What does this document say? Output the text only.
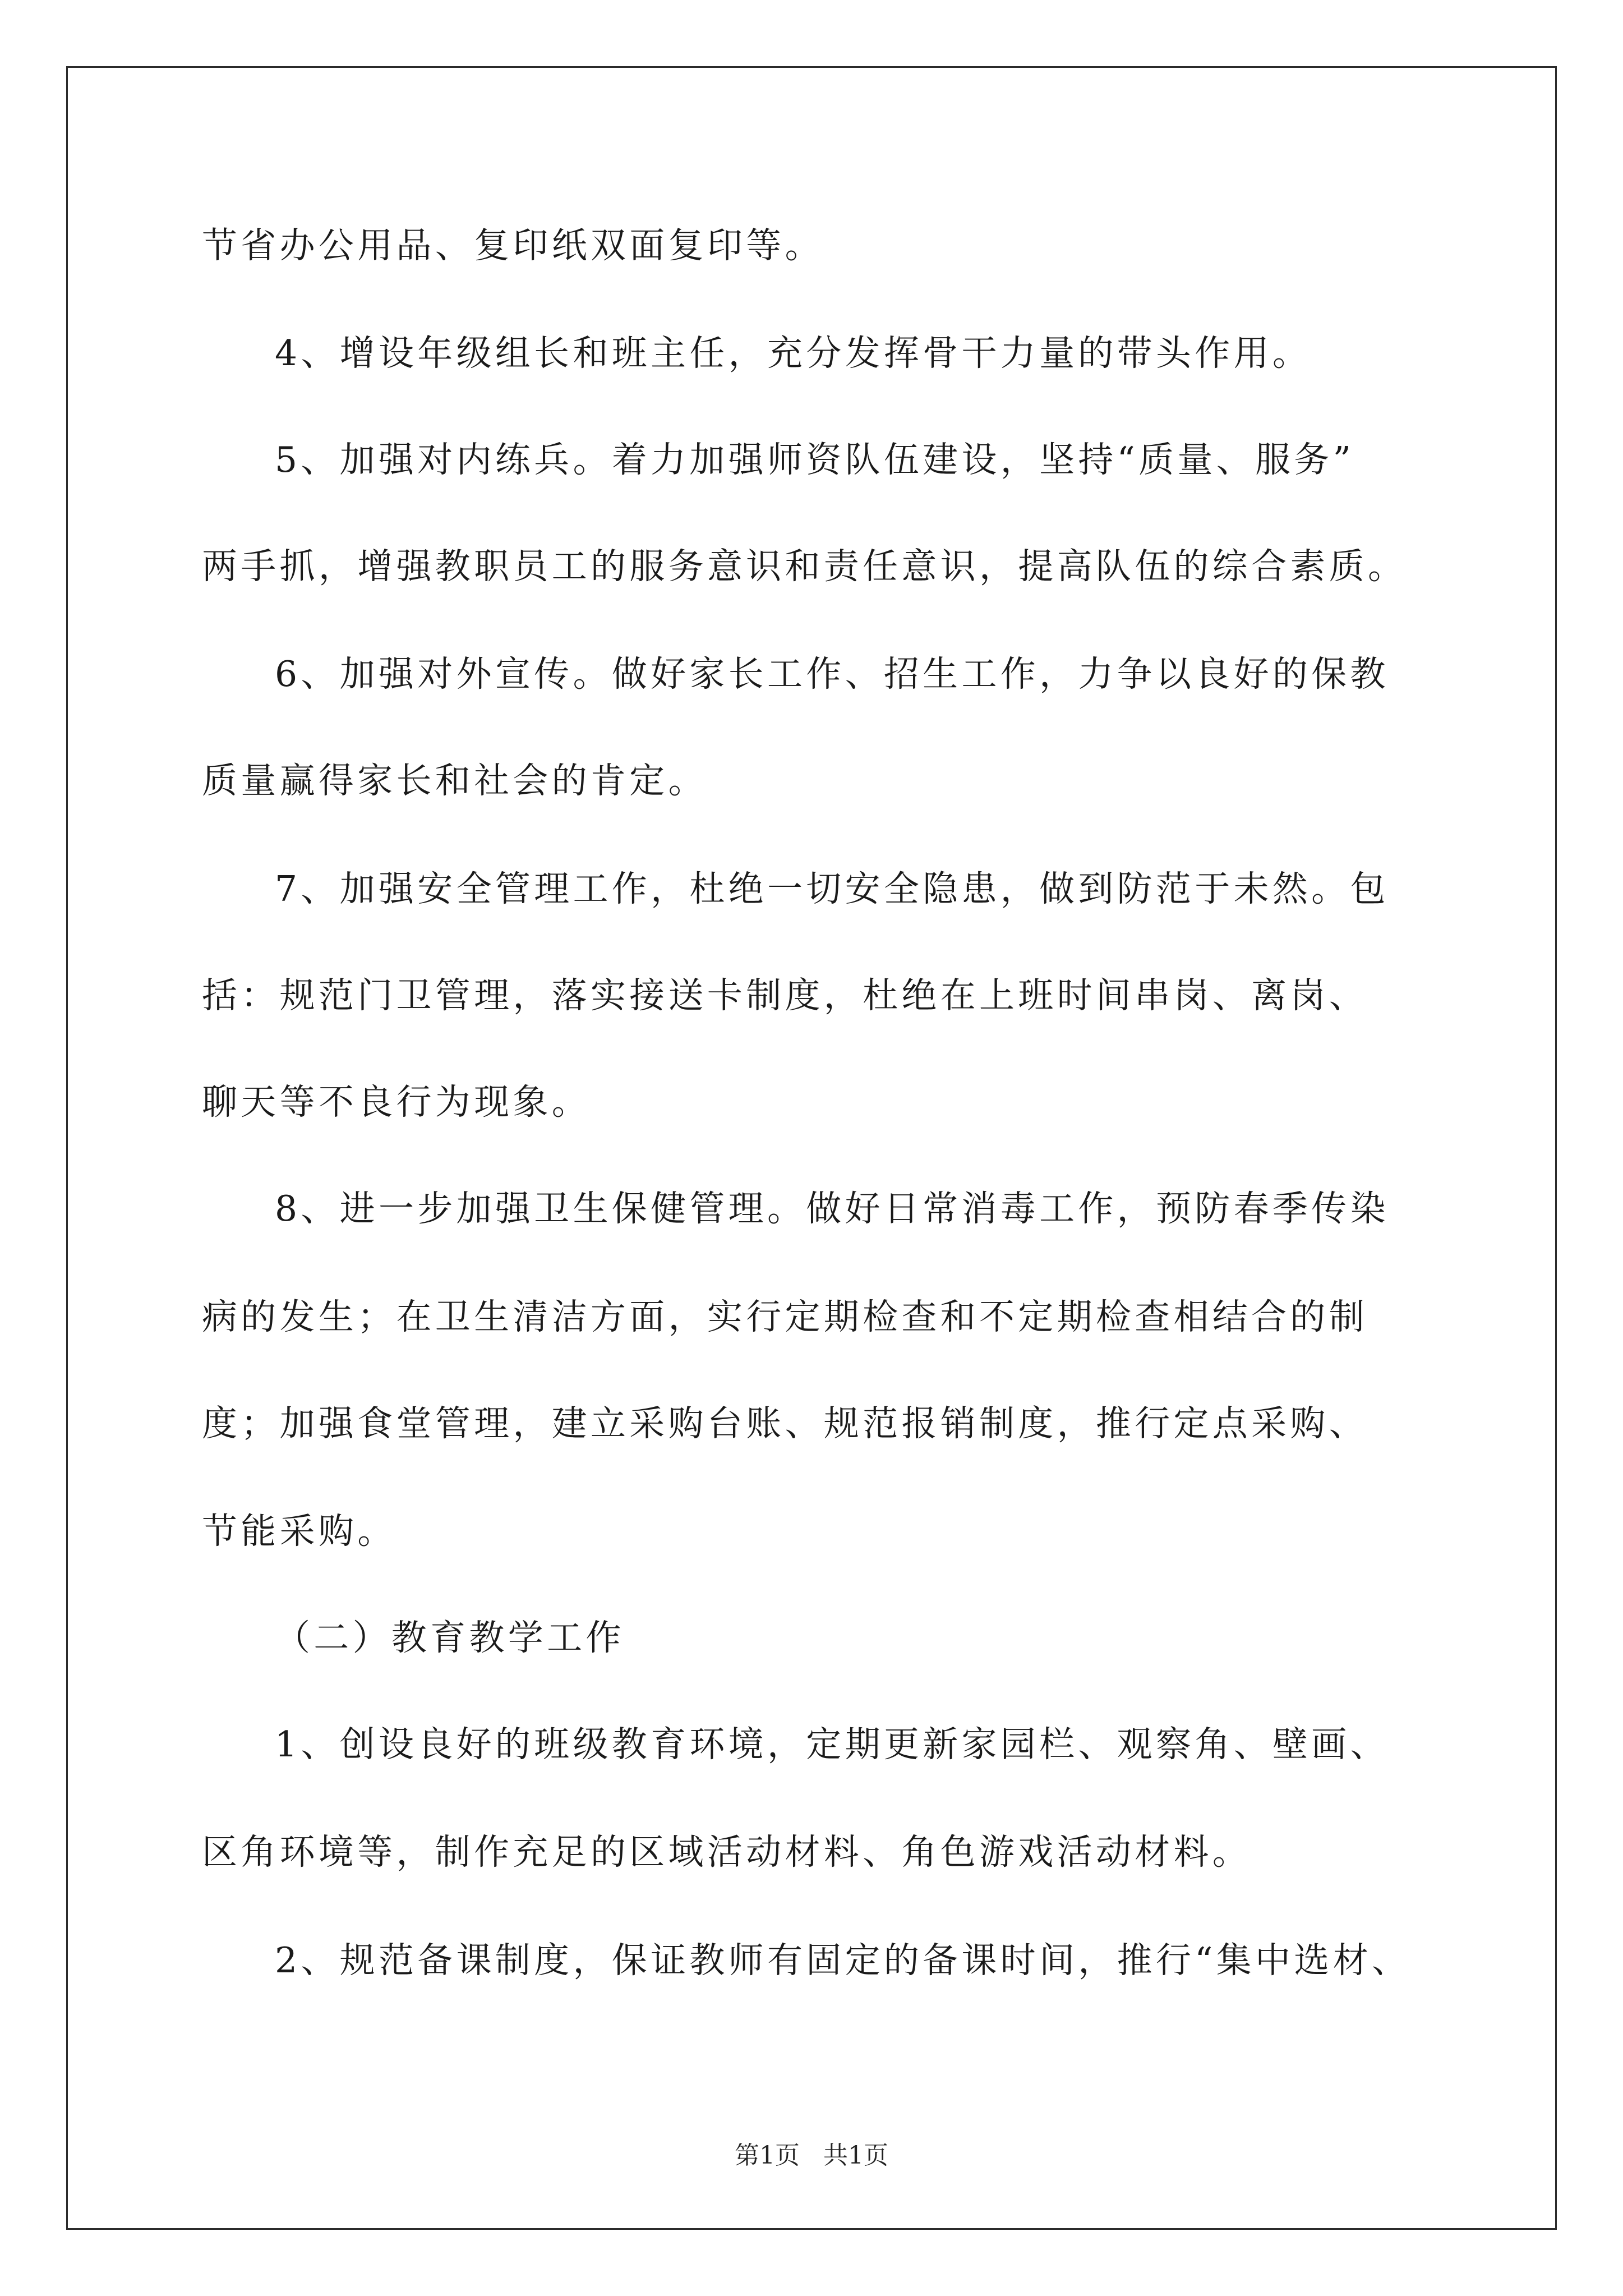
节省办公用品、复印纸双面复印等。
4、增设年级组长和班主任，充分发挥骨干力量的带头作用。
5、加强对内练兵。着力加强师资队伍建设，坚持“质量、服务”
两手抓，增强教职员工的服务意识和责任意识，提高队伍的综合素质。
6、加强对外宣传。做好家长工作、招生工作，力争以良好的保教
质量赢得家长和社会的肯定。
7、加强安全管理工作，杜绝一切安全隐患，做到防范于未然。包
括：规范门卫管理，落实接送卡制度，杜绝在上班时间串岗、离岗、
聊天等不良行为现象。
8、进一步加强卫生保健管理。做好日常消毒工作，预防春季传染
病的发生；在卫生清洁方面，实行定期检查和不定期检查相结合的制
度；加强食堂管理，建立采购台账、规范报销制度，推行定点采购、
节能采购。
（二）教育教学工作
1、创设良好的班级教育环境，定期更新家园栏、观察角、壁画、
区角环境等，制作充足的区域活动材料、角色游戏活动材料。
2、规范备课制度，保证教师有固定的备课时间，推行“集中选材、
第1页   共1页
